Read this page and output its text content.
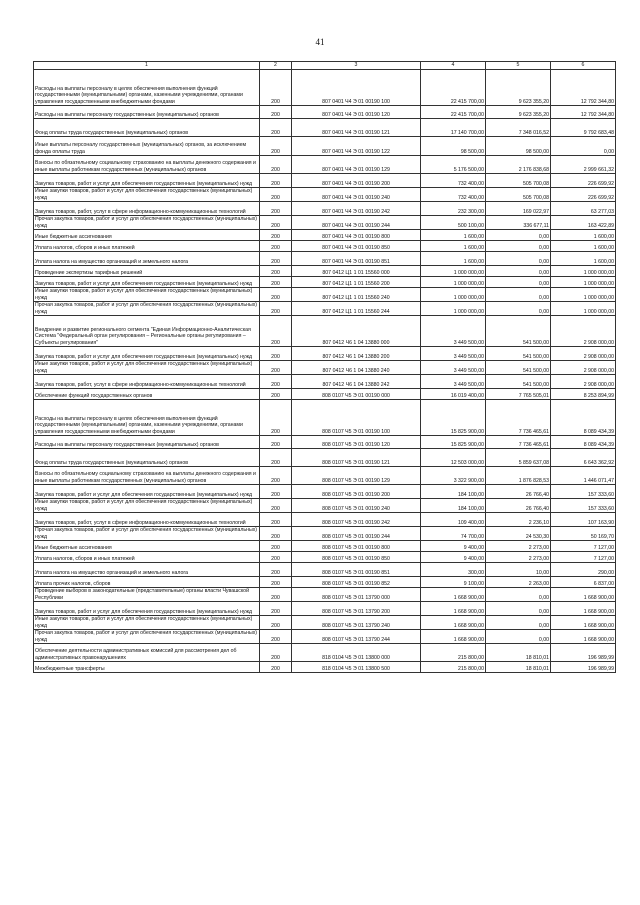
41
1	2	3	4	5	6
Расходы на выплаты персоналу в целях обеспечения выполнения функций государственными (муниципальными) органами, казенными учреждениями, органами управления государственными внебюджетными фондами	200	807 0401 Ч4 Э 01 00190 100	22 415 700,00	9 623 355,20	12 792 344,80
Расходы на выплаты персоналу государственных (муниципальных) органов	200	807 0401 Ч4 Э 01 00190 120	22 415 700,00	9 623 355,20	12 792 344,80
Фонд оплаты труда государственных (муниципальных) органов	200	807 0401 Ч4 Э 01 00190 121	17 140 700,00	7 348 016,52	9 792 683,48
Иные выплаты персоналу государственных (муниципальных) органов, за исключением фонда оплаты труда	200	807 0401 Ч4 Э 01 00190 122	98 500,00	98 500,00	0,00
Взносы по обязательному социальному страхованию на выплаты денежного содержания и иные выплаты работникам государственных (муниципальных) органов	200	807 0401 Ч4 Э 01 00190 129	5 176 500,00	2 176 838,68	2 999 661,32
Закупка товаров, работ и услуг для обеспечения государственных (муниципальных) нужд	200	807 0401 Ч4 Э 01 00190 200	732 400,00	505 700,08	226 699,92
Иные закупки товаров, работ и услуг для обеспечения государственных (муниципальных) нужд	200	807 0401 Ч4 Э 01 00190 240	732 400,00	505 700,08	226 699,92
Закупка товаров, работ, услуг в сфере информационно-коммуникационных технологий	200	807 0401 Ч4 Э 01 00190 242	232 300,00	169 022,97	63 277,03
Прочая закупка товаров, работ и услуг для обеспечения государственных (муниципальных) нужд	200	807 0401 Ч4 Э 01 00190 244	500 100,00	336 677,11	163 422,89
Иные бюджетные ассигнования	200	807 0401 Ч4 Э 01 00190 800	1 600,00	0,00	1 600,00
Уплата налогов, сборов и иных платежей	200	807 0401 Ч4 Э 01 00190 850	1 600,00	0,00	1 600,00
Уплата налога на имущество организаций и земельного налога	200	807 0401 Ч4 Э 01 00190 851	1 600,00	0,00	1 600,00
Проведение экспертизы тарифных решений	200	807 0412 Ц1 1 01 15560 000	1 000 000,00	0,00	1 000 000,00
Закупка товаров, работ и услуг для обеспечения государственных (муниципальных) нужд	200	807 0412 Ц1 1 01 15560 200	1 000 000,00	0,00	1 000 000,00
Иные закупки товаров, работ и услуг для обеспечения государственных (муниципальных) нужд	200	807 0412 Ц1 1 01 15560 240	1 000 000,00	0,00	1 000 000,00
Прочая закупка товаров, работ и услуг для обеспечения государственных (муниципальных) нужд	200	807 0412 Ц1 1 01 15560 244	1 000 000,00	0,00	1 000 000,00
Внедрение и развитие регионального сегмента "Единая Информационно-Аналитическая Система "Федеральный орган регулирования – Региональные органы регулирования – Субъекты регулирования"	200	807 0412 Ч6 1 04 13880 000	3 449 500,00	541 500,00	2 908 000,00
Закупка товаров, работ и услуг для обеспечения государственных (муниципальных) нужд	200	807 0412 Ч6 1 04 13880 200	3 449 500,00	541 500,00	2 908 000,00
Иные закупки товаров, работ и услуг для обеспечения государственных (муниципальных) нужд	200	807 0412 Ч6 1 04 13880 240	3 449 500,00	541 500,00	2 908 000,00
Закупка товаров, работ, услуг в сфере информационно-коммуникационных технологий	200	807 0412 Ч6 1 04 13880 242	3 449 500,00	541 500,00	2 908 000,00
Обеспечение функций государственных органов	200	808 0107 Ч5 Э 01 00190 000	16 019 400,00	7 765 505,01	8 253 894,99
Расходы на выплаты персоналу в целях обеспечения выполнения функций государственными (муниципальными) органами, казенными учреждениями, органами управления государственными внебюджетными фондами	200	808 0107 Ч5 Э 01 00190 100	15 825 900,00	7 736 465,61	8 089 434,39
Расходы на выплаты персоналу государственных (муниципальных) органов	200	808 0107 Ч5 Э 01 00190 120	15 825 900,00	7 736 465,61	8 089 434,39
Фонд оплаты труда государственных (муниципальных) органов	200	808 0107 Ч5 Э 01 00190 121	12 503 000,00	5 859 637,08	6 643 362,92
Взносы по обязательному социальному страхованию на выплаты денежного содержания и иные выплаты работникам государственных (муниципальных) органов	200	808 0107 Ч5 Э 01 00190 129	3 322 900,00	1 876 828,53	1 446 071,47
Закупка товаров, работ и услуг для обеспечения государственных (муниципальных) нужд	200	808 0107 Ч5 Э 01 00190 200	184 100,00	26 766,40	157 333,60
Иные закупки товаров, работ и услуг для обеспечения государственных (муниципальных) нужд	200	808 0107 Ч5 Э 01 00190 240	184 100,00	26 766,40	157 333,60
Закупка товаров, работ, услуг в сфере информационно-коммуникационных технологий	200	808 0107 Ч5 Э 01 00190 242	109 400,00	2 236,10	107 163,90
Прочая закупка товаров, работ и услуг для обеспечения государственных (муниципальных) нужд	200	808 0107 Ч5 Э 01 00190 244	74 700,00	24 530,30	50 169,70
Иные бюджетные ассигнования	200	808 0107 Ч5 Э 01 00190 800	9 400,00	2 273,00	7 127,00
Уплата налогов, сборов и иных платежей	200	808 0107 Ч5 Э 01 00190 850	9 400,00	2 273,00	7 127,00
Уплата налога на имущество организаций и земельного налога	200	808 0107 Ч5 Э 01 00190 851	300,00	10,00	290,00
Уплата прочих налогов, сборов	200	808 0107 Ч5 Э 01 00190 852	9 100,00	2 263,00	6 837,00
Проведение выборов в законодательные (представительные) органы власти Чувашской Республики	200	808 0107 Ч5 Э 01 13790 000	1 668 900,00	0,00	1 668 900,00
Закупка товаров, работ и услуг для обеспечения государственных (муниципальных) нужд	200	808 0107 Ч5 Э 01 13790 200	1 668 900,00	0,00	1 668 900,00
Иные закупки товаров, работ и услуг для обеспечения государственных (муниципальных) нужд	200	808 0107 Ч5 Э 01 13790 240	1 668 900,00	0,00	1 668 900,00
Прочая закупка товаров, работ и услуг для обеспечения государственных (муниципальных) нужд	200	808 0107 Ч5 Э 01 13790 244	1 668 900,00	0,00	1 668 900,00
Обеспечение деятельности административных комиссий для рассмотрения дел об административных правонарушениях	200	818 0104 Ч5 Э 01 13800 000	215 800,00	18 810,01	196 989,99
Межбюджетные трансферты	200	818 0104 Ч5 Э 01 13800 500	215 800,00	18 810,01	196 989,99
